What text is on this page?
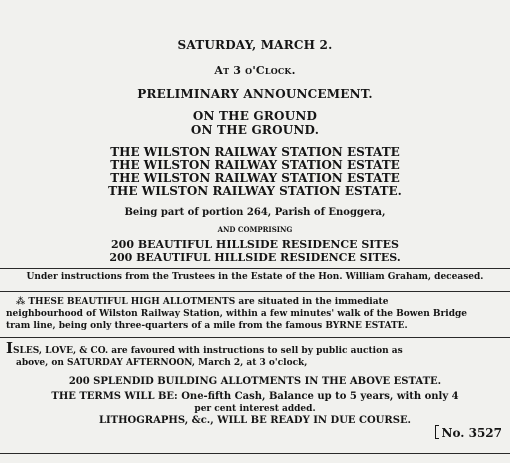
SATURDAY, MARCH 2.
At 3 o'Clock.
PRELIMINARY ANNOUNCEMENT.
ON THE GROUND
ON THE GROUND.
THE WILSTON RAILWAY STATION ESTATE
THE WILSTON RAILWAY STATION ESTATE
THE WILSTON RAILWAY STATION ESTATE
THE WILSTON RAILWAY STATION ESTATE.
Being part of portion 264, Parish of Enoggera,
AND COMPRISING
200 BEAUTIFUL HILLSIDE RESIDENCE SITES
200 BEAUTIFUL HILLSIDE RESIDENCE SITES.
Under instructions from the Trustees in the Estate of the Hon. William Graham, deceased.
⁂ THESE BEAUTIFUL HIGH ALLOTMENTS are situated in the immediate
neighbourhood of Wilston Railway Station, within a few minutes' walk of the Bowen Bridge
tram line, being only three-quarters of a mile from the famous BYRNE ESTATE.
ISLES, LOVE, & CO. are favoured with instructions to sell by public auction as
above, on SATURDAY AFTERNOON, March 2, at 3 o'clock,
200 SPLENDID BUILDING ALLOTMENTS IN THE ABOVE ESTATE.
THE TERMS WILL BE: One-fifth Cash, Balance up to 5 years, with only 4
per cent interest added.
LITHOGRAPHS, &c., WILL BE READY IN DUE COURSE.
No. 3527
